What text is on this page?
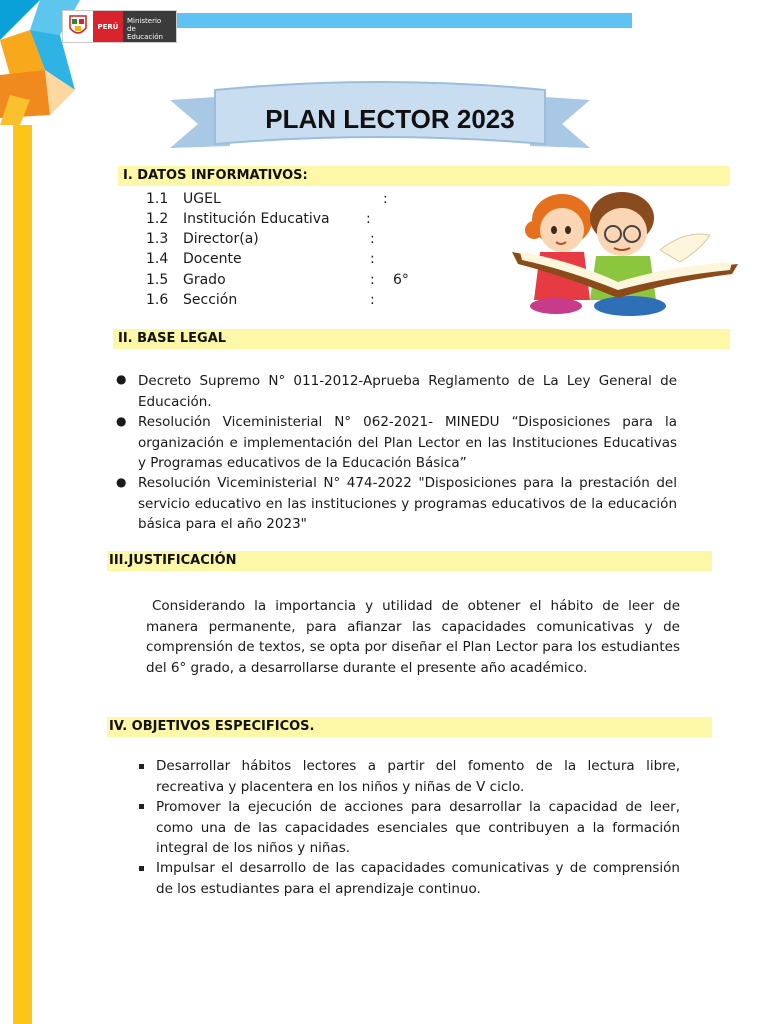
PERÚ
Ministerio
de Educación
PLAN LECTOR 2023
I. DATOS INFORMATIVOS:
1.1	UGEL	:
1.2	Institución Educativa	:
1.3	Director(a)	:
1.4	Docente	:
1.5	Grado	: 6°
1.6	Sección	:
II. BASE LEGAL
● Decreto Supremo N° 011-2012-Aprueba Reglamento de La Ley General de Educación.
● Resolución Viceministerial N° 062-2021- MINEDU “Disposiciones para la organización e implementación del Plan Lector en las Instituciones Educativas y Programas educativos de la Educación Básica”
● Resolución Viceministerial N° 474-2022 "Disposiciones para la prestación del servicio educativo en las instituciones y programas educativos de la educación básica para el año 2023"
III.JUSTIFICACIÓN
Considerando la importancia y utilidad de obtener el hábito de leer de manera permanente, para afianzar las capacidades comunicativas y de comprensión de textos, se opta por diseñar el Plan Lector para los estudiantes del 6° grado, a desarrollarse durante el presente año académico.
IV. OBJETIVOS ESPECIFICOS.
Desarrollar hábitos lectores a partir del fomento de la lectura libre, recreativa y placentera en los niños y niñas de V ciclo.
Promover la ejecución de acciones para desarrollar la capacidad de leer, como una de las capacidades esenciales que contribuyen a la formación integral de los niños y niñas.
Impulsar el desarrollo de las capacidades comunicativas y de comprensión de los estudiantes para el aprendizaje continuo.
